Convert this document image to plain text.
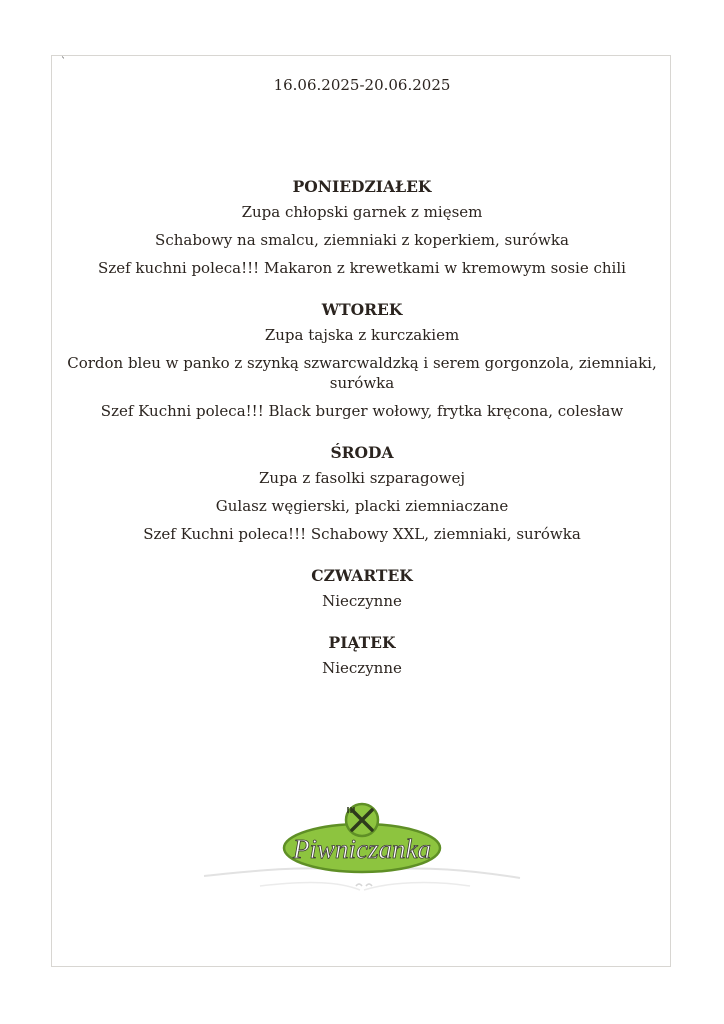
`
16.06.2025-20.06.2025
PONIEDZIAŁEK
Zupa chłopski garnek z mięsem
Schabowy na smalcu, ziemniaki z koperkiem, surówka
Szef kuchni poleca!!! Makaron z krewetkami w kremowym sosie chili
WTOREK
Zupa tajska z kurczakiem
Cordon bleu w panko z szynką szwarcwaldzką i serem gorgonzola, ziemniaki, surówka
Szef Kuchni poleca!!! Black burger wołowy, frytka kręcona, colesław
ŚRODA
Zupa z fasolki szparagowej
Gulasz węgierski, placki ziemniaczane
Szef Kuchni poleca!!! Schabowy XXL, ziemniaki, surówka
CZWARTEK
Nieczynne
PIĄTEK
Nieczynne
Piwniczanka
